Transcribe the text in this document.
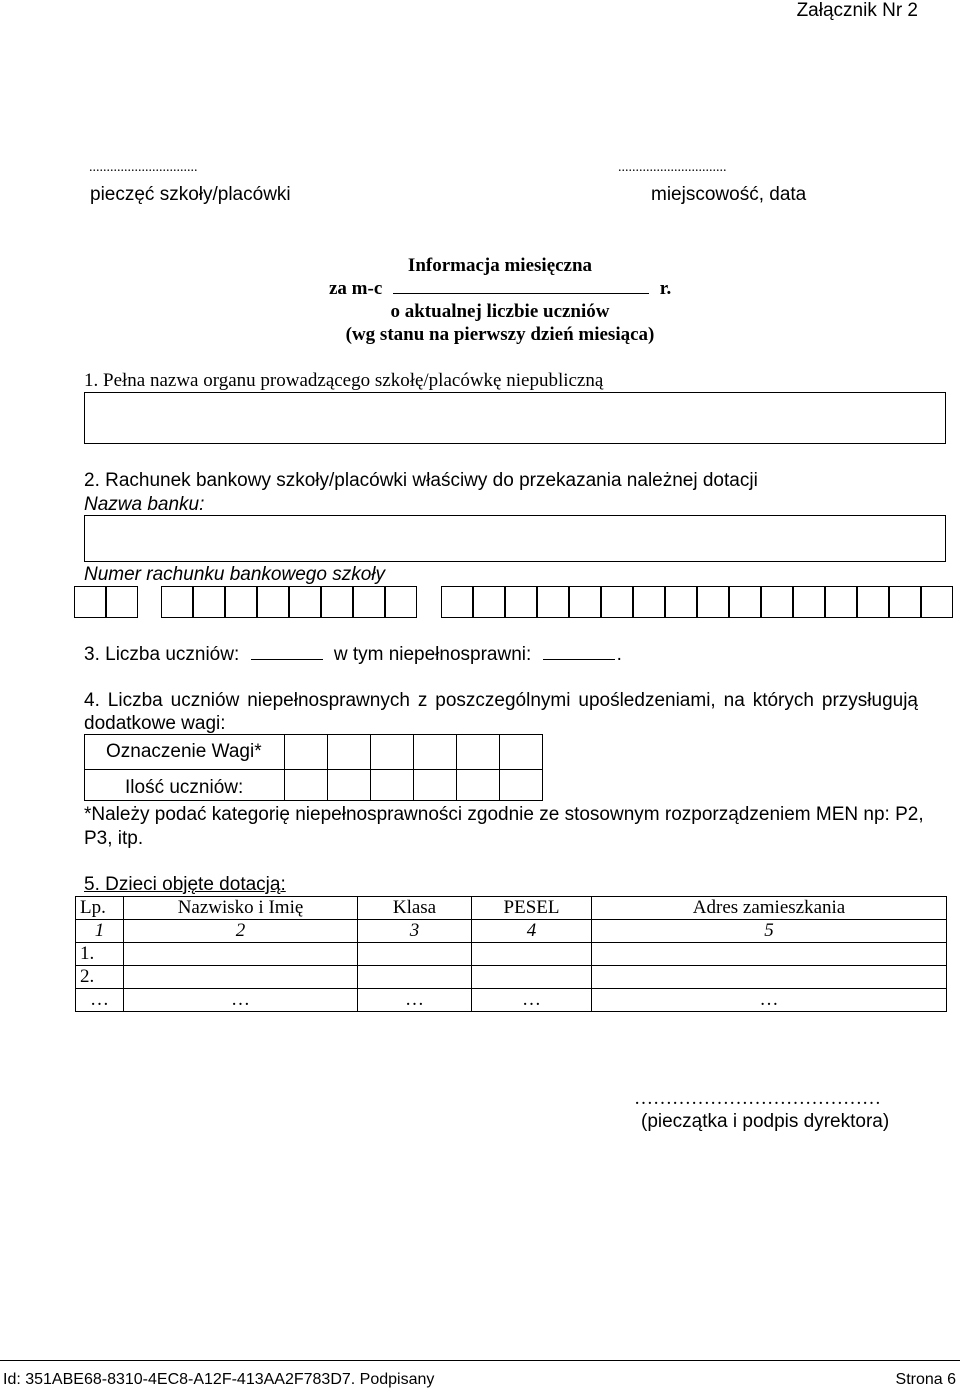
Załącznik Nr 2
...............................	...............................
pieczęć szkoły/placówki	miejscowość, data
Informacja miesięczna
za m-c	r.
o aktualnej liczbie uczniów
(wg stanu na pierwszy dzień miesiąca)
1. Pełna nazwa organu prowadzącego szkołę/placówkę niepubliczną
2. Rachunek bankowy szkoły/placówki właściwy do przekazania należnej dotacji
Nazwa banku:
Numer rachunku bankowego szkoły
3. Liczba uczniów:	w tym niepełnosprawni:	.
4. Liczba uczniów niepełnosprawnych z poszczególnymi upośledzeniami, na których przysługują
dodatkowe wagi:
Oznaczenie Wagi*
Ilość uczniów:
*Należy podać kategorię niepełnosprawności zgodnie ze stosownym rozporządzeniem MEN np: P2,
P3, itp.
5. Dzieci objęte dotacją:
Lp.	Nazwisko i Imię	Klasa	PESEL	Adres zamieszkania
1	2	3	4	5
1.				
2.				
…	…	…	…	…
…………………………………
(pieczątka i podpis dyrektora)
Id: 351ABE68-8310-4EC8-A12F-413AA2F783D7. Podpisany	Strona 6
